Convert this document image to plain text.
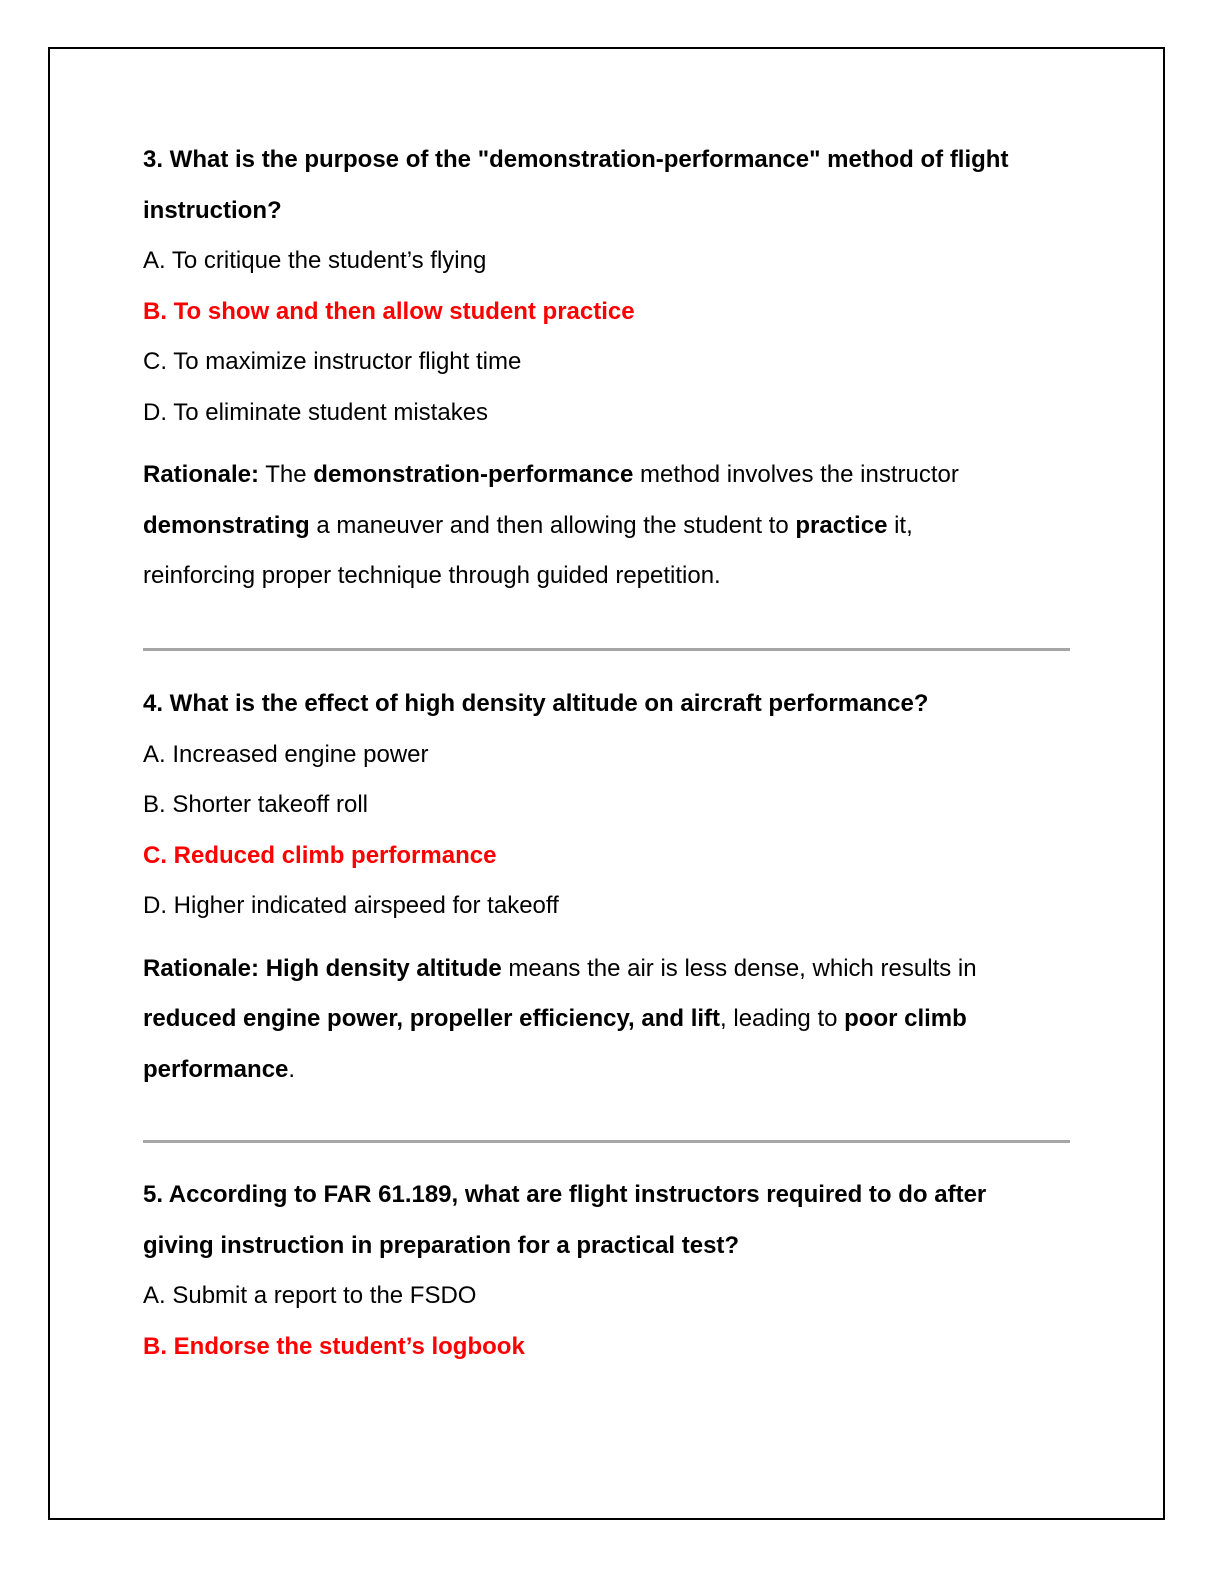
3. What is the purpose of the "demonstration-performance" method of flight instruction?

A. To critique the student’s flying

B. To show and then allow student practice

C. To maximize instructor flight time

D. To eliminate student mistakes

Rationale: The demonstration-performance method involves the instructor demonstrating a maneuver and then allowing the student to practice it, reinforcing proper technique through guided repetition.

4. What is the effect of high density altitude on aircraft performance?

A. Increased engine power

B. Shorter takeoff roll

C. Reduced climb performance

D. Higher indicated airspeed for takeoff

Rationale: High density altitude means the air is less dense, which results in reduced engine power, propeller efficiency, and lift, leading to poor climb performance.

5. According to FAR 61.189, what are flight instructors required to do after giving instruction in preparation for a practical test?

A. Submit a report to the FSDO

B. Endorse the student’s logbook
